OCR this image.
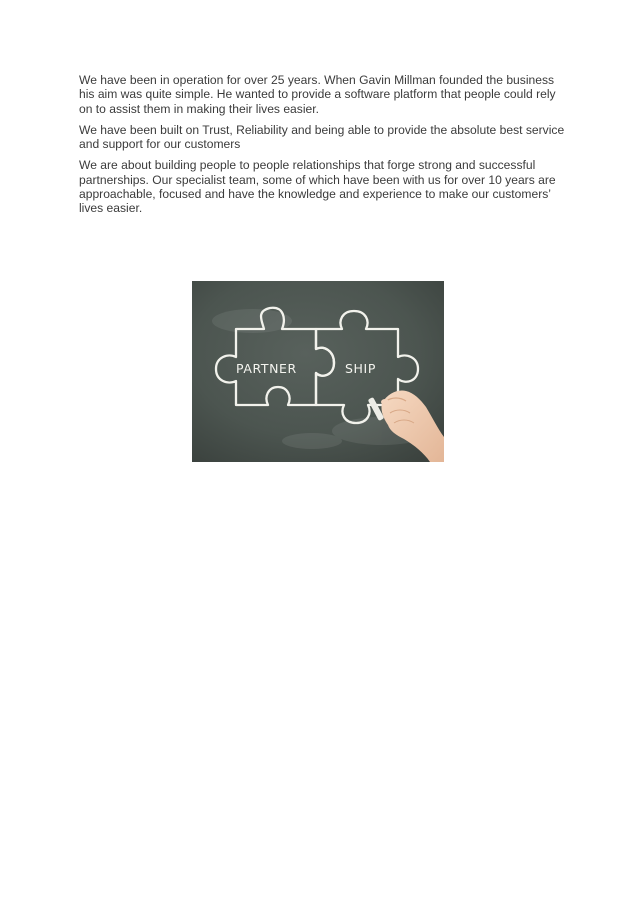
We have been in operation for over 25 years. When Gavin Millman founded the business his aim was quite simple. He wanted to provide a software platform that people could rely on to assist them in making their lives easier.

We have been built on Trust, Reliability and being able to provide the absolute best service and support for our customers

We are about building people to people relationships that forge strong and successful partnerships. Our specialist team, some of which have been with us for over 10 years are approachable, focused and have the knowledge and experience to make our customers’ lives easier.

PARTNER	SHIP
